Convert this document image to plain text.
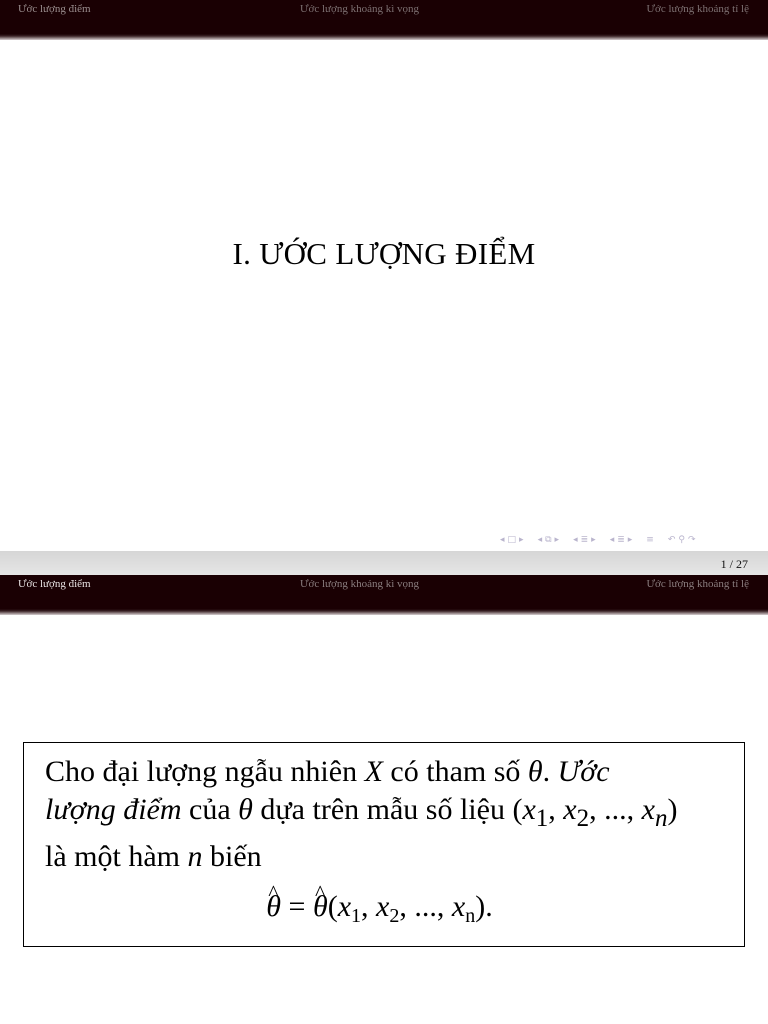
Ước lượng điểm	Ước lượng khoảng kì vọng	Ước lượng khoảng tỉ lệ
I. ƯỚC LƯỢNG ĐIỂM
◂ □ ▸ ◂ ⧉ ▸ ◂ ≣ ▸ ◂ ≣ ▸ ≡ ↶ ⚲ ↷
1 / 27
Ước lượng điểm	Ước lượng khoảng kì vọng	Ước lượng khoảng tỉ lệ
Cho đại lượng ngẫu nhiên X có tham số θ. Ước
lượng điểm của θ dựa trên mẫu số liệu ($x_1$, $x_2$, ..., $x_n$)
là một hàm n biến
^ θ = ^ $\theta(x_1$, $x_2$, ..., $x_n$).
